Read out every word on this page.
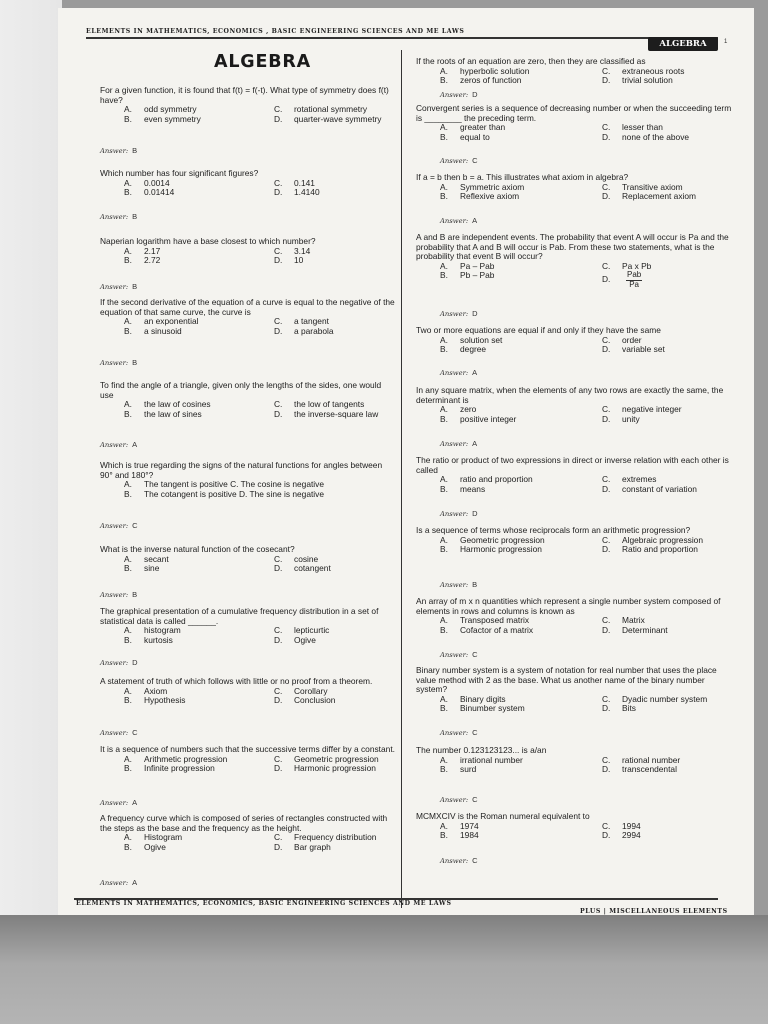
ELEMENTS IN MATHEMATICS, ECONOMICS , BASIC ENGINEERING SCIENCES AND ME LAWS
ALGEBRA	1
ALGEBRA
For a given function, it is found that f(t) = f(-t). What type of symmetry does f(t) have?
A. odd symmetry	C. rotational symmetry
B. even symmetry	D. quarter-wave symmetry
Answer: B
Which number has four significant figures?
A. 0.0014	C. 0.141
B. 0.01414	D. 1.4140
Answer: B
Naperian logarithm have a base closest to which number?
A. 2.17	C. 3.14
B. 2.72	D. 10
Answer: B
If the second derivative of the equation of a curve is equal to the negative of the equation of that same curve, the curve is
A. an exponential	C. a tangent
B. a sinusoid	D. a parabola
Answer: B
To find the angle of a triangle, given only the lengths of the sides, one would use
A. the law of cosines	C. the low of tangents
B. the law of sines	D. the inverse-square law
Answer: A
Which is true regarding the signs of the natural functions for angles between 90° and 180°?
A. The tangent is positive C. The cosine is negative
B. The cotangent is positive D. The sine is negative
Answer: C
What is the inverse natural function of the cosecant?
A. secant	C. cosine
B. sine	D. cotangent
Answer: B
The graphical presentation of a cumulative frequency distribution in a set of statistical data is called ______.
A. histogram	C. lepticurtic
B. kurtosis	D. Ogive
Answer: D
A statement of truth of which follows with little or no proof from a theorem.
A. Axiom	C. Corollary
B. Hypothesis	D. Conclusion
Answer: C
It is a sequence of numbers such that the successive terms differ by a constant.
A. Arithmetic progression	C. Geometric progression
B. Infinite progression	D. Harmonic progression
Answer: A
A frequency curve which is composed of series of rectangles constructed with the steps as the base and the frequency as the height.
A. Histogram	C. Frequency distribution
B. Ogive	D. Bar graph
Answer: A
If the roots of an equation are zero, then they are classified as
A. hyperbolic solution	C. extraneous roots
B. zeros of function	D. trivial solution
Answer: D
Convergent series is a sequence of decreasing number or when the succeeding term is ________ the preceding term.
A. greater than	C. lesser than
B. equal to	D. none of the above
Answer: C
If a = b then b = a. This illustrates what axiom in algebra?
A. Symmetric axiom	C. Transitive axiom
B. Reflexive axiom	D. Replacement axiom
Answer: A
A and B are independent events. The probability that event A will occur is Pa and the probability that A and B will occur is Pab. From these two statements, what is the probability that event B will occur?
A. Pa – Pab	C. Pa x Pb
B. Pb – Pab	D. $\frac{\text{Pab}}{Pa}$
Answer: D
Two or more equations are equal if and only if they have the same
A. solution set	C. order
B. degree	D. variable set
Answer: A
In any square matrix, when the elements of any two rows are exactly the same, the determinant is
A. zero	C. negative integer
B. positive integer	D. unity
Answer: A
The ratio or product of two expressions in direct or inverse relation with each other is called
A. ratio and proportion	C. extremes
B. means	D. constant of variation
Answer: D
Is a sequence of terms whose reciprocals form an arithmetic progression?
A. Geometric progression	C. Algebraic progression
B. Harmonic progression	D. Ratio and proportion
Answer: B
An array of m x n quantities which represent a single number system composed of elements in rows and columns is known as
A. Transposed matrix	C. Matrix
B. Cofactor of a matrix	D. Determinant
Answer: C
Binary number system is a system of notation for real number that uses the place value method with 2 as the base. What us another name of the binary number system?
A. Binary digits	C. Dyadic number system
B. Binumber system	D. Bits
Answer: C
The number 0.123123123... is a/an
A. irrational number	C. rational number
B. surd	D. transcendental
Answer: C
MCMXCIV is the Roman numeral equivalent to
A. 1974	C. 1994
B. 1984	D. 2994
Answer: C
ELEMENTS IN MATHEMATICS, ECONOMICS, BASIC ENGINEERING SCIENCES AND ME LAWS
PLUS | MISCELLANEOUS ELEMENTS
